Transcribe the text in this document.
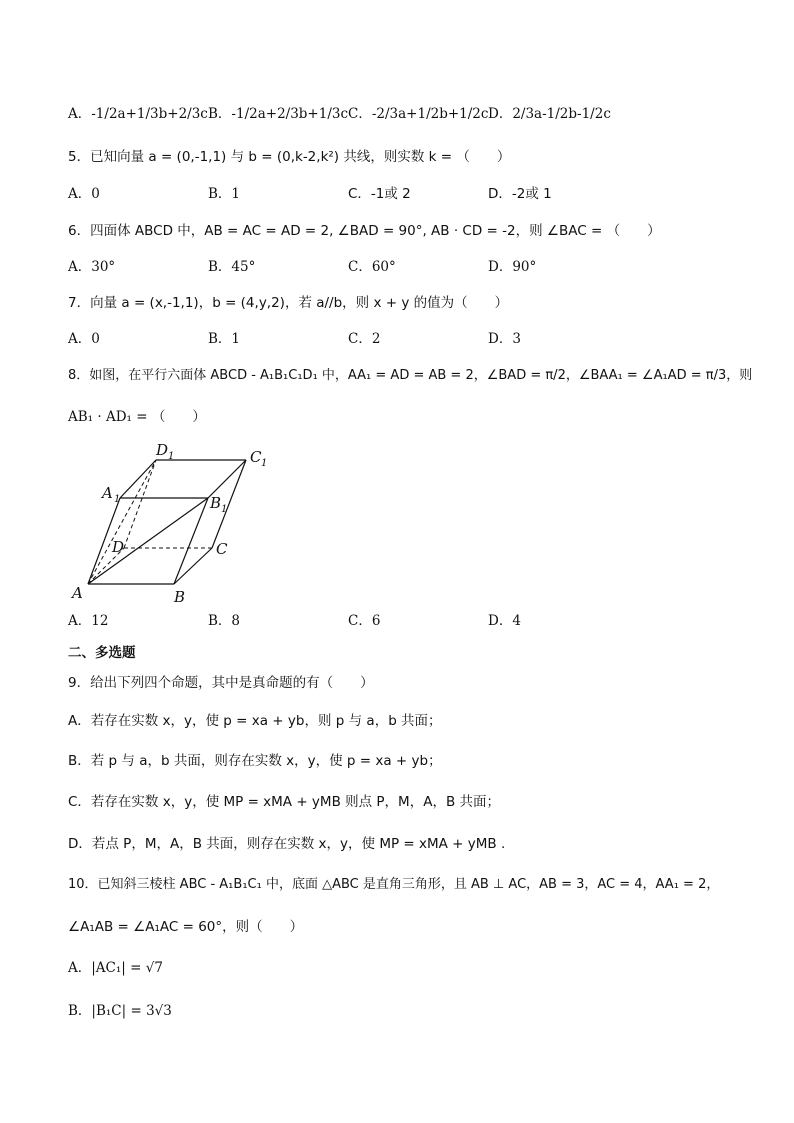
A．-1/2a+1/3b+2/3c B．-1/2a+2/3b+1/3c C．-2/3a+1/2b+1/2c D．2/3a-1/2b-1/2c
5．已知向量 a = (0,-1,1) 与 b = (0,k-2,k²) 共线，则实数 k = （　　）
A．0	B．1	C．-1或 2	D．-2或 1
6．四面体 ABCD 中，AB = AC = AD = 2, ∠BAD = 90°, AB · CD = -2，则 ∠BAC = （　　）
A．30°	B．45°	C．60°	D．90°
7．向量 a = (x,-1,1)，b = (4,y,2)，若 a//b，则 x + y 的值为（　　）
A．0	B．1	C．2	D．3
8．如图，在平行六面体 ABCD - A₁B₁C₁D₁ 中，AA₁ = AD = AB = 2，∠BAD = π/2，∠BAA₁ = ∠A₁AD = π/3，则
AB₁ · AD₁ = （　　）
A	B
C
D
A 1	B 1
C 1
D 1
A．12	B．8	C．6	D．4
二、多选题
9．给出下列四个命题，其中是真命题的有（　　）
A．若存在实数 x，y，使 p = xa + yb，则 p 与 a，b 共面；
B．若 p 与 a，b 共面，则存在实数 x，y，使 p = xa + yb；
C．若存在实数 x，y，使 MP = xMA + yMB 则点 P，M，A，B 共面；
D．若点 P，M，A，B 共面，则存在实数 x，y，使 MP = xMA + yMB .
10．已知斜三棱柱 ABC - A₁B₁C₁ 中，底面 △ABC 是直角三角形，且 AB ⊥ AC，AB = 3，AC = 4，AA₁ = 2，
∠A₁AB = ∠A₁AC = 60°，则（　　）
A．|AC₁| = √7
B．|B₁C| = 3√3
